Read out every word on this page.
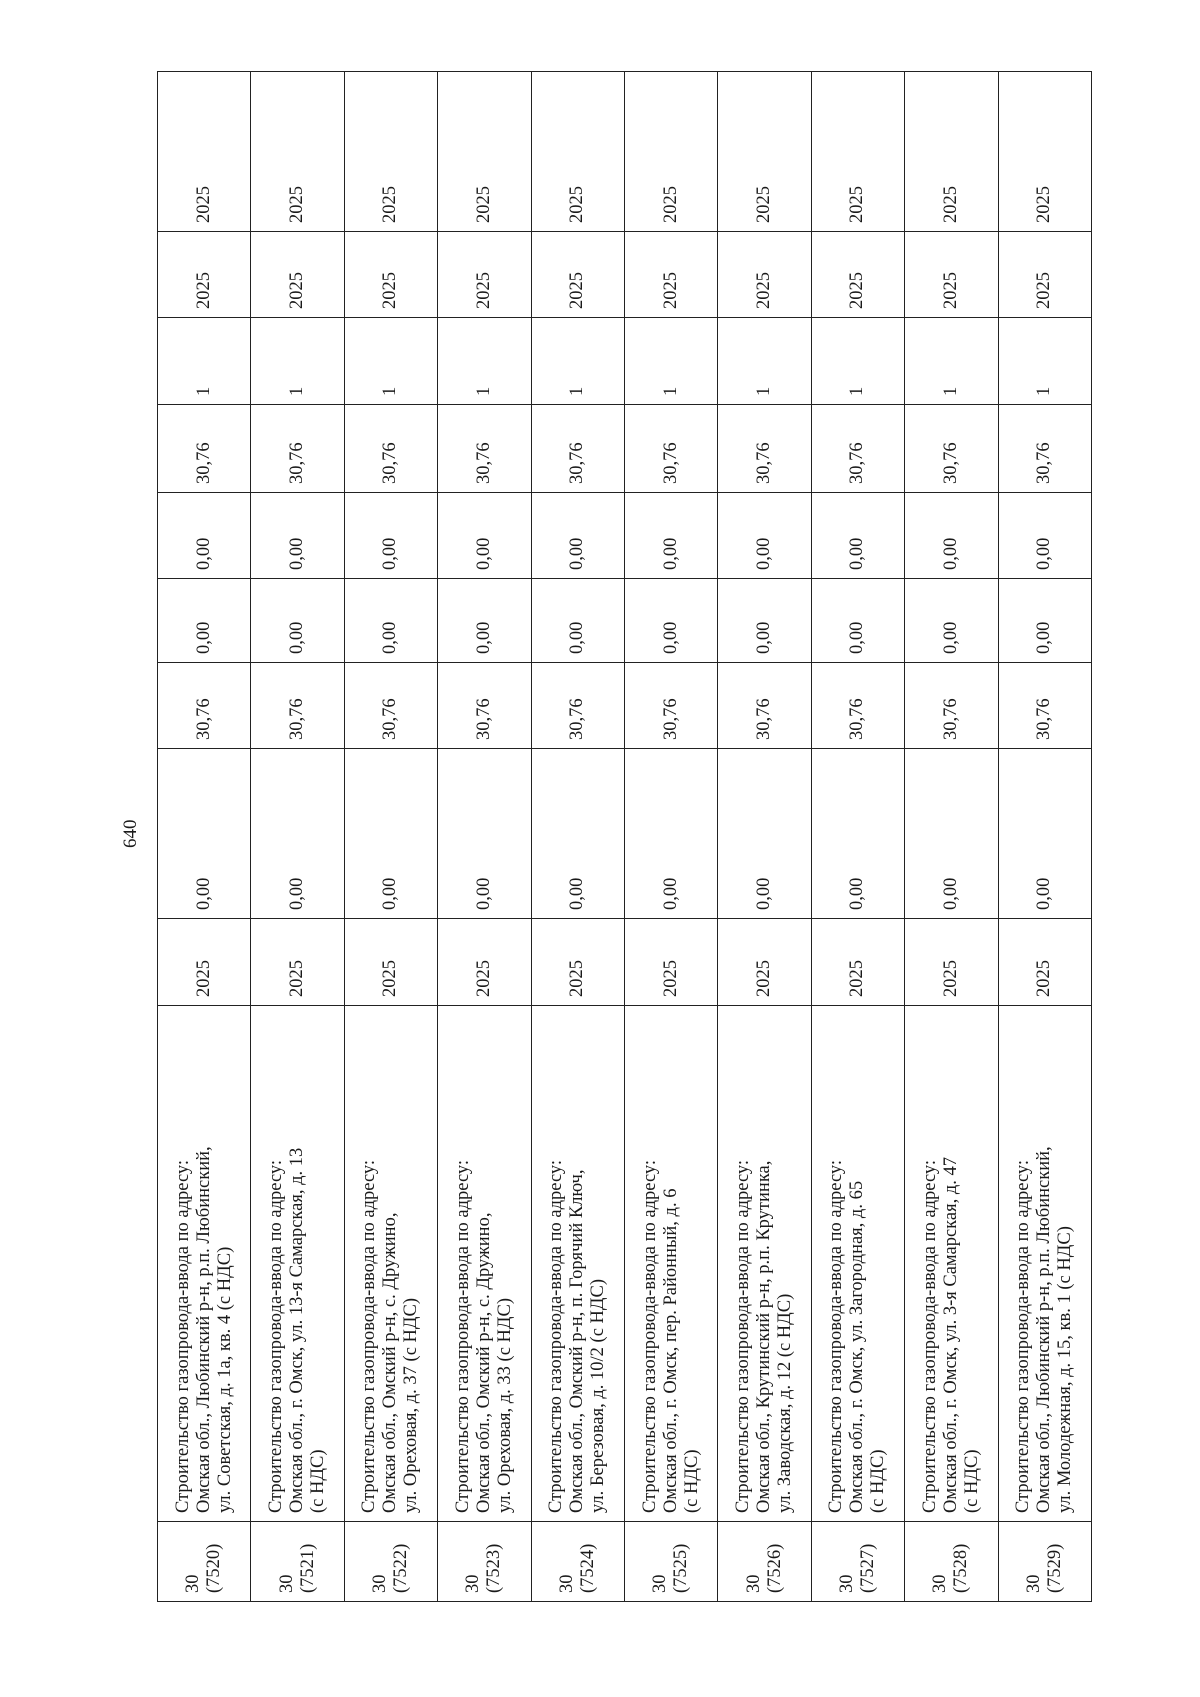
640
30 (7520)	Строительство газопровода-ввода по адресу: Омская обл., Любинский р-н, р.п. Любинский, ул. Советская, д. 1а, кв. 4 (с НДС)	2025	0,00	30,76	0,00	0,00	30,76	1	2025	2025

30 (7521)	Строительство газопровода-ввода по адресу: Омская обл., г. Омск, ул. 13-я Самарская, д. 13 (с НДС)	2025	0,00	30,76	0,00	0,00	30,76	1	2025	2025

30 (7522)	Строительство газопровода-ввода по адресу: Омская обл., Омский р-н, с. Дружино, ул. Ореховая, д. 37 (с НДС)	2025	0,00	30,76	0,00	0,00	30,76	1	2025	2025

30 (7523)	Строительство газопровода-ввода по адресу: Омская обл., Омский р-н, с. Дружино, ул. Ореховая, д. 33 (с НДС)	2025	0,00	30,76	0,00	0,00	30,76	1	2025	2025

30 (7524)	Строительство газопровода-ввода по адресу: Омская обл., Омский р-н, п. Горячий Ключ, ул. Березовая, д. 10/2 (с НДС)	2025	0,00	30,76	0,00	0,00	30,76	1	2025	2025

30 (7525)	Строительство газопровода-ввода по адресу: Омская обл., г. Омск, пер. Районный, д. 6 (с НДС)	2025	0,00	30,76	0,00	0,00	30,76	1	2025	2025

30 (7526)	Строительство газопровода-ввода по адресу: Омская обл., Крутинский р-н, р.п. Крутинка, ул. Заводская, д. 12 (с НДС)	2025	0,00	30,76	0,00	0,00	30,76	1	2025	2025

30 (7527)	Строительство газопровода-ввода по адресу: Омская обл., г. Омск, ул. Загородная, д. 65 (с НДС)	2025	0,00	30,76	0,00	0,00	30,76	1	2025	2025

30 (7528)	Строительство газопровода-ввода по адресу: Омская обл., г. Омск, ул. 3-я Самарская, д. 47 (с НДС)	2025	0,00	30,76	0,00	0,00	30,76	1	2025	2025

30 (7529)	Строительство газопровода-ввода по адресу: Омская обл., Любинский р-н, р.п. Любинский, ул. Молодежная, д. 15, кв. 1 (с НДС)	2025	0,00	30,76	0,00	0,00	30,76	1	2025	2025
